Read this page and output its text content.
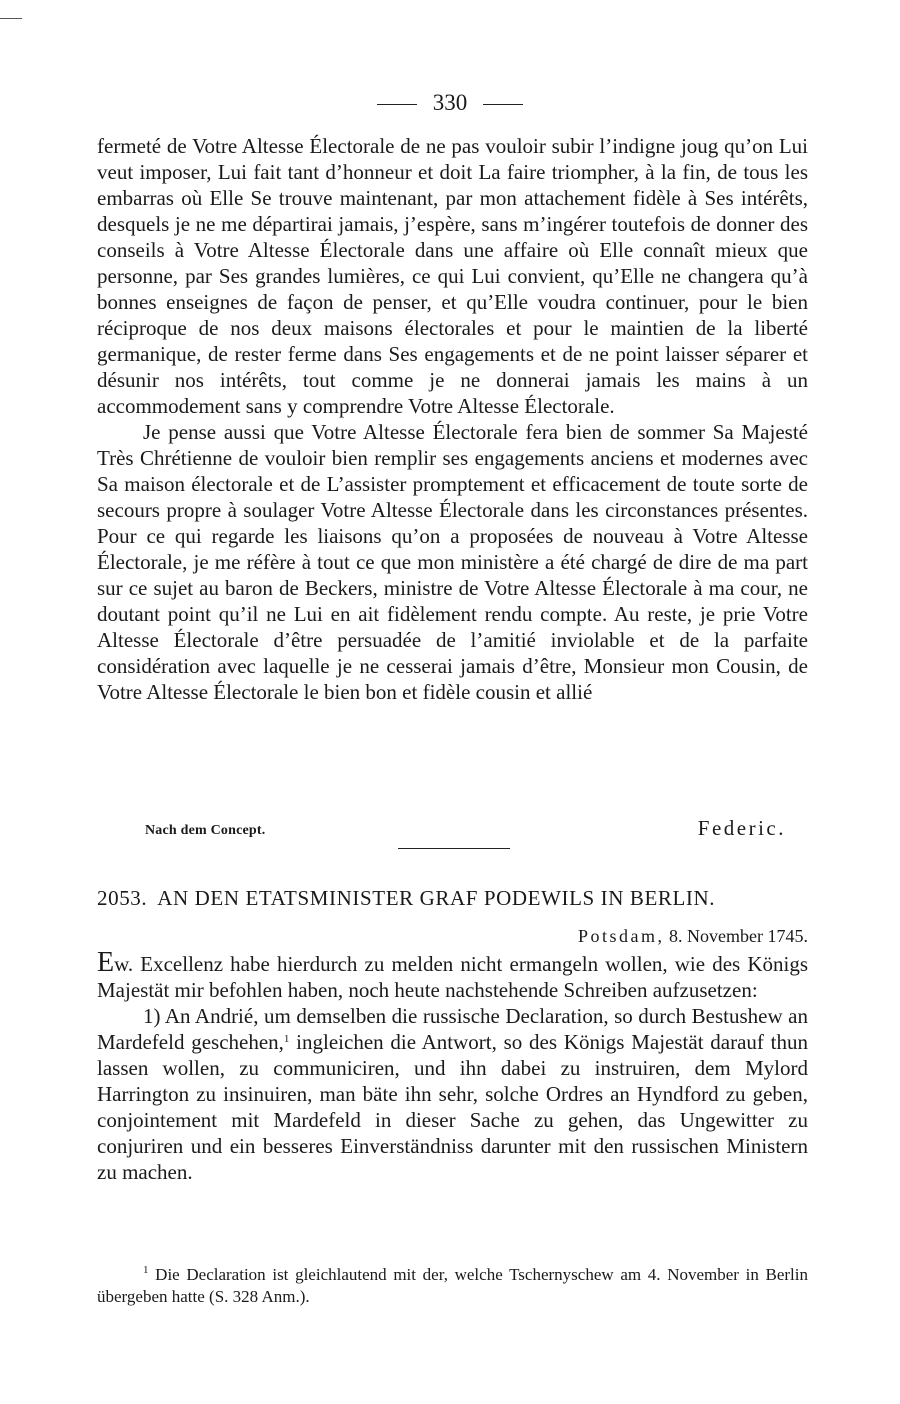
330

fermeté de Votre Altesse Électorale de ne pas vouloir subir l’indigne joug qu’on Lui veut imposer, Lui fait tant d’honneur et doit La faire triompher, à la fin, de tous les embarras où Elle Se trouve maintenant, par mon attachement fidèle à Ses intérêts, desquels je ne me départirai jamais, j’espère, sans m’ingérer toutefois de donner des conseils à Votre Altesse Électorale dans une affaire où Elle connaît mieux que personne, par Ses grandes lumières, ce qui Lui convient, qu’Elle ne changera qu’à bonnes enseignes de façon de penser, et qu’Elle voudra continuer, pour le bien réciproque de nos deux maisons électorales et pour le maintien de la liberté germanique, de rester ferme dans Ses engagements et de ne point laisser séparer et désunir nos intérêts, tout comme je ne donnerai jamais les mains à un accommodement sans y comprendre Votre Altesse Électorale.

Je pense aussi que Votre Altesse Électorale fera bien de sommer Sa Majesté Très Chrétienne de vouloir bien remplir ses engagements anciens et modernes avec Sa maison électorale et de L’assister promptement et efficacement de toute sorte de secours propre à soulager Votre Altesse Électorale dans les circonstances présentes. Pour ce qui regarde les liaisons qu’on a proposées de nouveau à Votre Altesse Électorale, je me réfère à tout ce que mon ministère a été chargé de dire de ma part sur ce sujet au baron de Beckers, ministre de Votre Altesse Électorale à ma cour, ne doutant point qu’il ne Lui en ait fidèlement rendu compte. Au reste, je prie Votre Altesse Électorale d’être persuadée de l’amitié inviolable et de la parfaite considération avec laquelle je ne cesserai jamais d’être, Monsieur mon Cousin, de Votre Altesse Électorale le bien bon et fidèle cousin et allié

Nach dem Concept.	Federic.
2053. AN DEN ETATSMINISTER GRAF PODEWILS IN BERLIN.
Potsdam, 8. November 1745.

Ew. Excellenz habe hierdurch zu melden nicht ermangeln wollen, wie des Königs Majestät mir befohlen haben, noch heute nachstehende Schreiben aufzusetzen:

1) An Andrié, um demselben die russische Declaration, so durch Bestushew an Mardefeld geschehen,$^1$ ingleichen die Antwort, so des Königs Majestät darauf thun lassen wollen, zu communiciren, und ihn dabei zu instruiren, dem Mylord Harrington zu insinuiren, man bäte ihn sehr, solche Ordres an Hyndford zu geben, conjointement mit Mardefeld in dieser Sache zu gehen, das Ungewitter zu conjuriren und ein besseres Einverständniss darunter mit den russischen Ministern zu machen.

$^1$ Die Declaration ist gleichlautend mit der, welche Tschernyschew am 4. November in Berlin übergeben hatte (S. 328 Anm.).
